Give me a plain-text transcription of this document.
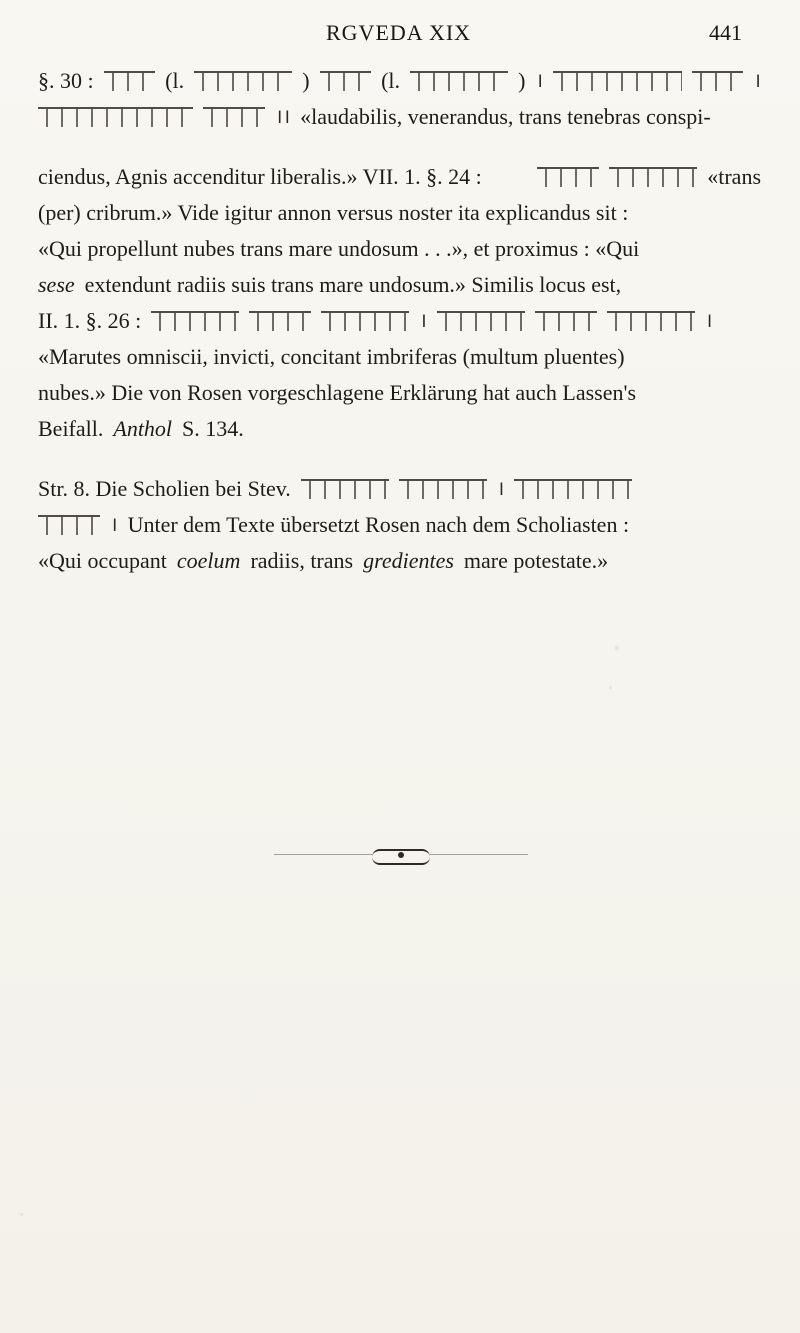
RGVEDA XIX	441
§. 30 :	(l.	)	(l.	) ।	।
।। «laudabilis, venerandus, trans tenebras conspi-
ciendus, Agnis accenditur liberalis.» VII. 1. §. 24 :	«trans
(per) cribrum.» Vide igitur annon versus noster ita explicandus sit :
«Qui propellunt nubes trans mare undosum . . .», et proximus : «Qui
sese extendunt radiis suis trans mare undosum.» Similis locus est,
II. 1. §. 26 :	।	।
«Marutes omniscii, invicti, concitant imbriferas (multum pluentes)
nubes.» Die von Rosen vorgeschlagene Erklärung hat auch Lassen's
Beifall. Anthol S. 134.
Str. 8. Die Scholien bei Stev.	।
। Unter dem Texte übersetzt Rosen nach dem Scholiasten :
«Qui occupant coelum radiis, trans gredientes mare potestate.»
